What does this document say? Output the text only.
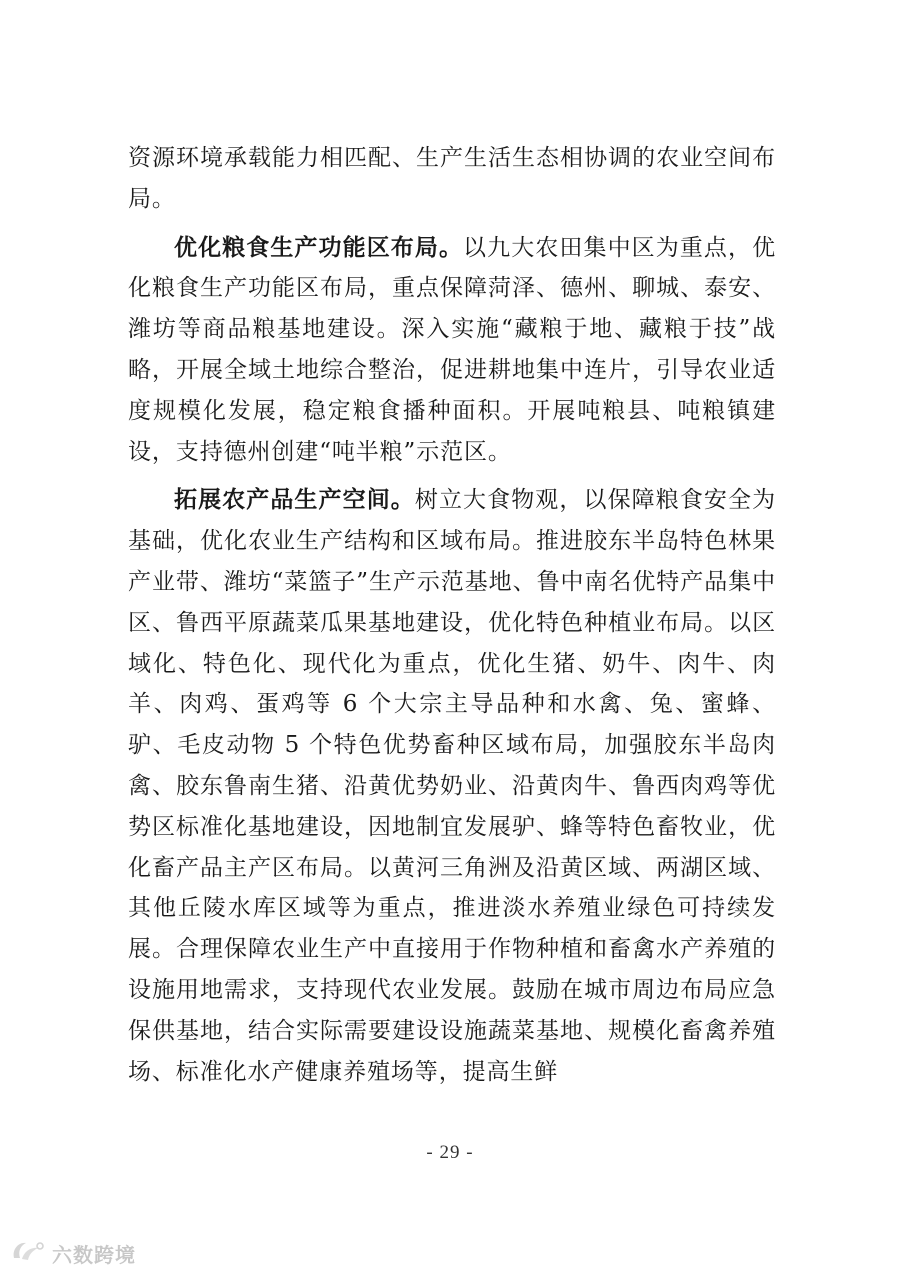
资源环境承载能力相匹配、生产生活生态相协调的农业空间布局。

优化粮食生产功能区布局。以九大农田集中区为重点，优化粮食生产功能区布局，重点保障菏泽、德州、聊城、泰安、潍坊等商品粮基地建设。深入实施“藏粮于地、藏粮于技”战略，开展全域土地综合整治，促进耕地集中连片，引导农业适度规模化发展，稳定粮食播种面积。开展吨粮县、吨粮镇建设，支持德州创建“吨半粮”示范区。

拓展农产品生产空间。树立大食物观，以保障粮食安全为基础，优化农业生产结构和区域布局。推进胶东半岛特色林果产业带、潍坊“菜篮子”生产示范基地、鲁中南名优特产品集中区、鲁西平原蔬菜瓜果基地建设，优化特色种植业布局。以区域化、特色化、现代化为重点，优化生猪、奶牛、肉牛、肉羊、肉鸡、蛋鸡等 6 个大宗主导品种和水禽、兔、蜜蜂、驴、毛皮动物 5 个特色优势畜种区域布局，加强胶东半岛肉禽、胶东鲁南生猪、沿黄优势奶业、沿黄肉牛、鲁西肉鸡等优势区标准化基地建设，因地制宜发展驴、蜂等特色畜牧业，优化畜产品主产区布局。以黄河三角洲及沿黄区域、两湖区域、其他丘陵水库区域等为重点，推进淡水养殖业绿色可持续发展。合理保障农业生产中直接用于作物种植和畜禽水产养殖的设施用地需求，支持现代农业发展。鼓励在城市周边布局应急保供基地，结合实际需要建设设施蔬菜基地、规模化畜禽养殖场、标准化水产健康养殖场等，提高生鲜

- 29 -
六数跨境
